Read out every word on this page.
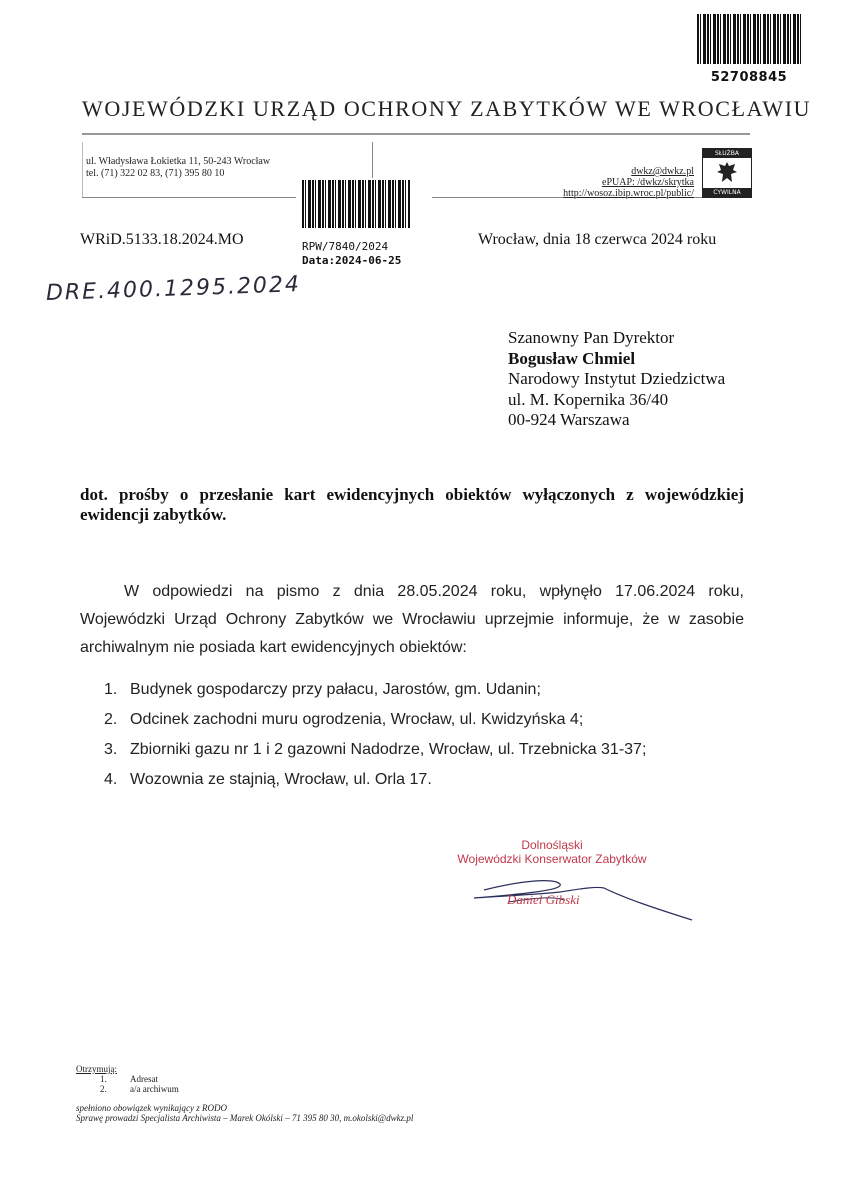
52708845
WOJEWÓDZKI URZĄD OCHRONY ZABYTKÓW WE WROCŁAWIU
ul. Władysława Łokietka 11, 50-243 Wrocław
tel. (71) 322 02 83, (71) 395 80 10	dwkz@dwkz.pl
ePUAP: /dwkz/skrytka
http://wosoz.ibip.wroc.pl/public/
SŁUŻBA
CYWILNA
RPW/7840/2024
Data:2024-06-25
WRiD.5133.18.2024.MO	Wrocław, dnia 18 czerwca 2024 roku
DRE.400.1295.2024
Szanowny Pan Dyrektor
Bogusław Chmiel
Narodowy Instytut Dziedzictwa
ul. M. Kopernika 36/40
00-924 Warszawa
dot. prośby o przesłanie kart ewidencyjnych obiektów wyłączonych z wojewódzkiej ewidencji zabytków.
W odpowiedzi na pismo z dnia 28.05.2024 roku, wpłynęło 17.06.2024 roku, Wojewódzki Urząd Ochrony Zabytków we Wrocławiu uprzejmie informuje, że w zasobie archiwalnym nie posiada kart ewidencyjnych obiektów:
1. Budynek gospodarczy przy pałacu, Jarostów, gm. Udanin;
2. Odcinek zachodni muru ogrodzenia, Wrocław, ul. Kwidzyńska 4;
3. Zbiorniki gazu nr 1 i 2 gazowni Nadodrze, Wrocław, ul. Trzebnicka 31-37;
4. Wozownia ze stajnią, Wrocław, ul. Orla 17.
Dolnośląski
Wojewódzki Konserwator Zabytków
Daniel Gibski
Otrzymują:
1.	Adresat
2.	a/a archiwum
spełniono obowiązek wynikający z RODO
Sprawę prowadzi Specjalista Archiwista – Marek Okólski – 71 395 80 30, m.okolski@dwkz.pl
